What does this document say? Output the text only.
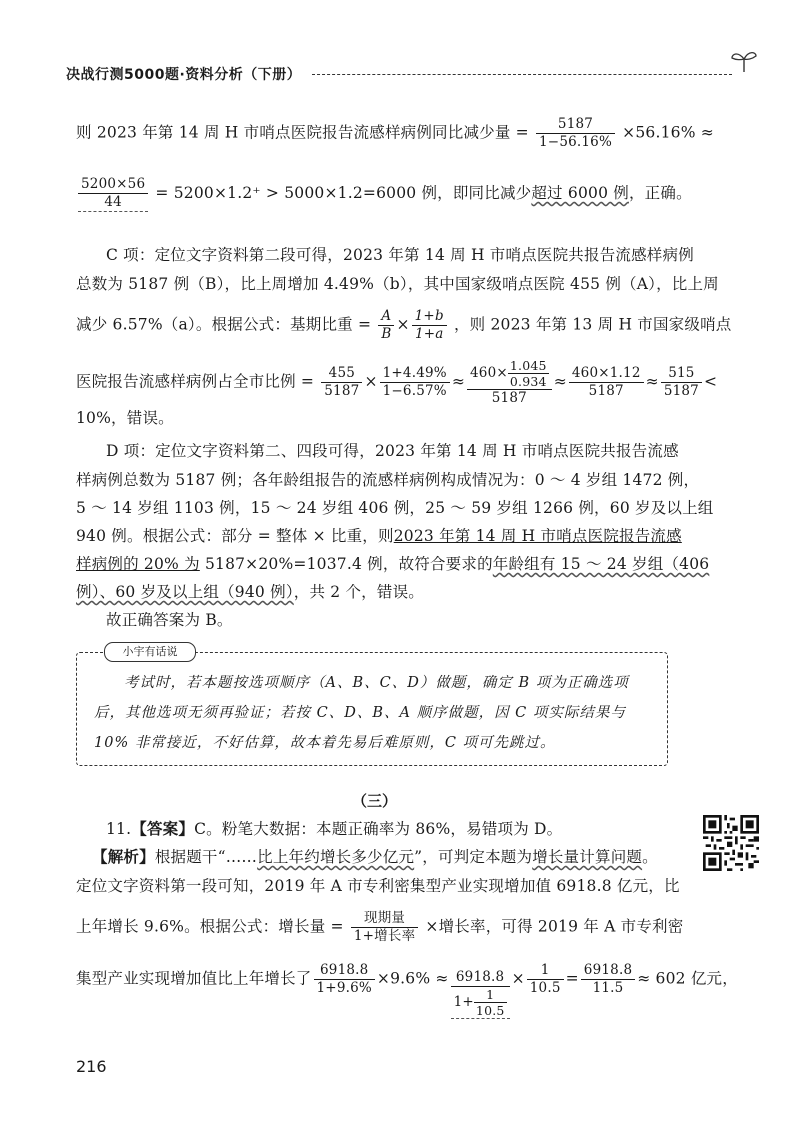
决战行测5000题·资料分析（下册）
则 2023 年第 14 周 H 市哨点医院报告流感样病例同比减少量 = $\frac{5187}{1-56.16\%} \times 56.16\%$ ≈
$\frac{5200\times 56}{44} = 5200\times 1.2^+ > 5000\times 1.2=6000$ 例，即同比减少超过 6000 例，正确。
C 项：定位文字资料第二段可得，2023 年第 14 周 H 市哨点医院共报告流感样病例
总数为 5187 例（B），比上周增加 4.49%（b），其中国家级哨点医院 455 例（A），比上周
减少 6.57%（a）。根据公式：基期比重 = $\frac{A}{B} \times \frac{1+b}{1+a}$ ，则 2023 年第 13 周 H 市国家级哨点
医院报告流感样病例占全市比例 = $\frac{455}{5187} \times \frac{1+4.49\%}{1-6.57\%} \approx \frac{460\times \frac{1.045}{0.934}}{5187} \approx \frac{460\times 1.12}{5187} \approx \frac{515}{5187}$ <
10%，错误。
D 项：定位文字资料第二、四段可得，2023 年第 14 周 H 市哨点医院共报告流感
样病例总数为 5187 例；各年龄组报告的流感样病例构成情况为：0 ～ 4 岁组 1472 例，
5 ～ 14 岁组 1103 例，15 ～ 24 岁组 406 例，25 ～ 59 岁组 1266 例，60 岁及以上组
940 例。根据公式：部分 = 整体 × 比重，则2023 年第 14 周 H 市哨点医院报告流感
样病例的 20% 为 5187×20%=1037.4 例，故符合要求的年龄组有 15 ～ 24 岁组（406
例）、60 岁及以上组（940 例），共 2 个，错误。
故正确答案为 B。
小宇有话说
考试时，若本题按选项顺序（A、B、C、D）做题，确定 B 项为正确选项
后，其他选项无须再验证；若按 C、D、B、A 顺序做题，因 C 项实际结果与
10% 非常接近，不好估算，故本着先易后难原则，C 项可先跳过。
（三）
11.【答案】C。粉笔大数据：本题正确率为 86%，易错项为 D。
【解析】根据题干“……比上年约增长多少亿元”，可判定本题为增长量计算问题。
定位文字资料第一段可知，2019 年 A 市专利密集型产业实现增加值 6918.8 亿元，比
上年增长 9.6%。根据公式：增长量 = $\frac{\text{现期量}}{\text{1+增长率}}$ ×增长率，可得 2019 年 A 市专利密
集型产业实现增加值比上年增长了 $\frac{6918.8}{1+9.6\%} \times 9.6\% \approx \frac{6918.8}{1+ \frac{1}{10.5}} \times \frac{1}{10.5} = \frac{6918.8}{11.5} \approx 602$ 亿元，
216
